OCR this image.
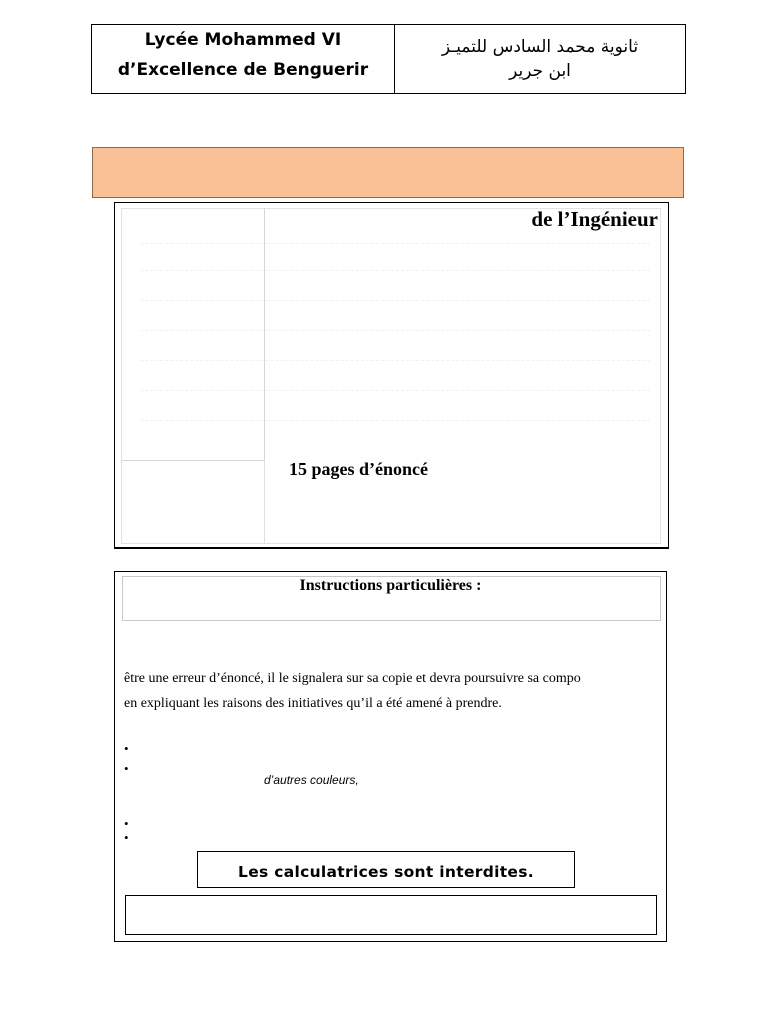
Lycée Mohammed VI
d’Excellence de Benguerir
ثانوية محمد السادس للتميـز
ابن جرير
de l’Ingénieur
15 pages d’énoncé
Instructions particulières :
être une erreur d’énoncé, il le signalera sur sa copie et devra poursuivre sa compo
en expliquant les raisons des initiatives qu’il a été amené à prendre.
•
•
d’autres couleurs,
•
•
Les calculatrices sont interdites.
